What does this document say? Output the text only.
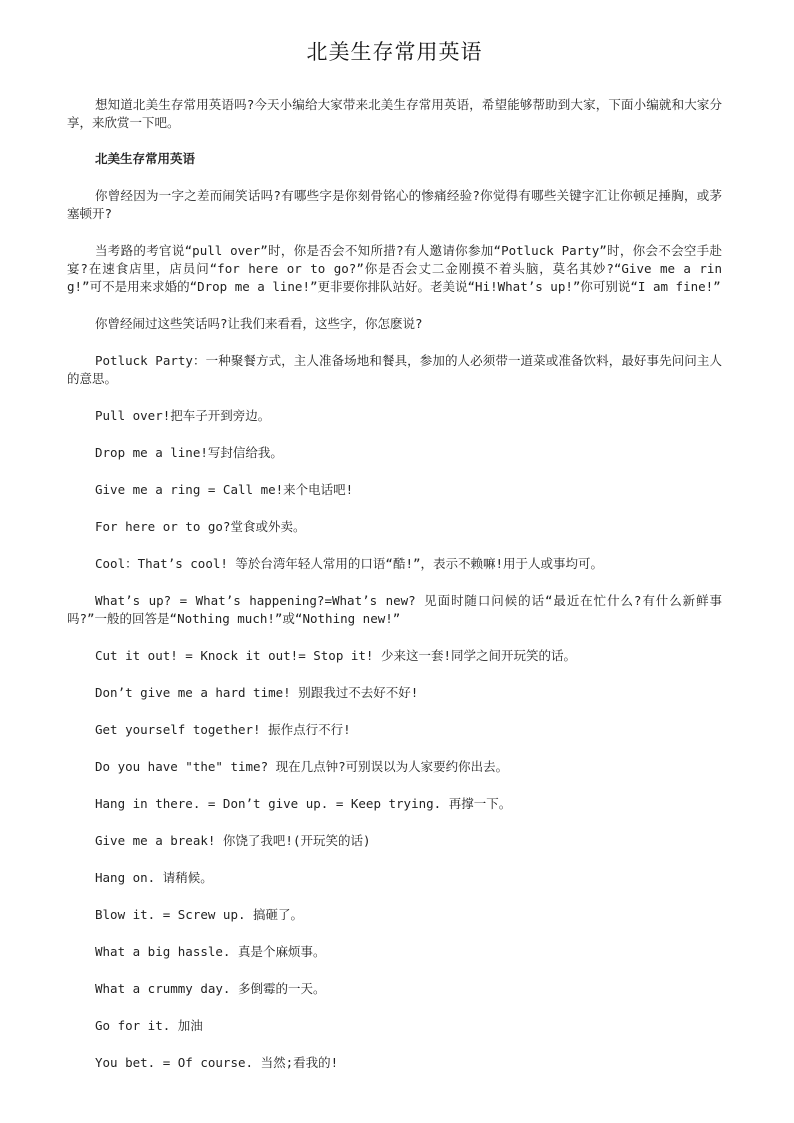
北美生存常用英语

想知道北美生存常用英语吗?今天小编给大家带来北美生存常用英语，希望能够帮助到大家，下面小编就和大家分享，来欣赏一下吧。

北美生存常用英语

你曾经因为一字之差而闹笑话吗?有哪些字是你刻骨铭心的惨痛经验?你觉得有哪些关键字汇让你顿足捶胸，或茅塞顿开?

当考路的考官说“pull over”时，你是否会不知所措?有人邀请你参加“Potluck Party”时，你会不会空手赴宴?在速食店里，店员问“for here or to go?”你是否会丈二金刚摸不着头脑，莫名其妙?“Give me a ring!”可不是用来求婚的“Drop me a line!”更非要你排队站好。老美说“Hi!What’s up!”你可别说“I am fine!”

你曾经闹过这些笑话吗?让我们来看看，这些字，你怎麽说?

Potluck Party：一种聚餐方式，主人准备场地和餐具，参加的人必须带一道菜或准备饮料，最好事先问问主人的意思。

Pull over!把车子开到旁边。

Drop me a line!写封信给我。

Give me a ring = Call me!来个电话吧!

For here or to go?堂食或外卖。

Cool：That’s cool! 等於台湾年轻人常用的口语“酷!”，表示不赖嘛!用于人或事均可。

What’s up? = What’s happening?=What’s new? 见面时随口问候的话“最近在忙什么?有什么新鲜事吗?”一般的回答是“Nothing much!”或“Nothing new!”

Cut it out! = Knock it out!= Stop it! 少来这一套!同学之间开玩笑的话。

Don’t give me a hard time! 别跟我过不去好不好!

Get yourself together! 振作点行不行!

Do you have "the" time? 现在几点钟?可别误以为人家要约你出去。

Hang in there. = Don’t give up. = Keep trying. 再撑一下。

Give me a break! 你饶了我吧!(开玩笑的话)

Hang on. 请稍候。

Blow it. = Screw up. 搞砸了。

What a big hassle. 真是个麻烦事。

What a crummy day. 多倒霉的一天。

Go for it. 加油

You bet. = Of course. 当然;看我的!
